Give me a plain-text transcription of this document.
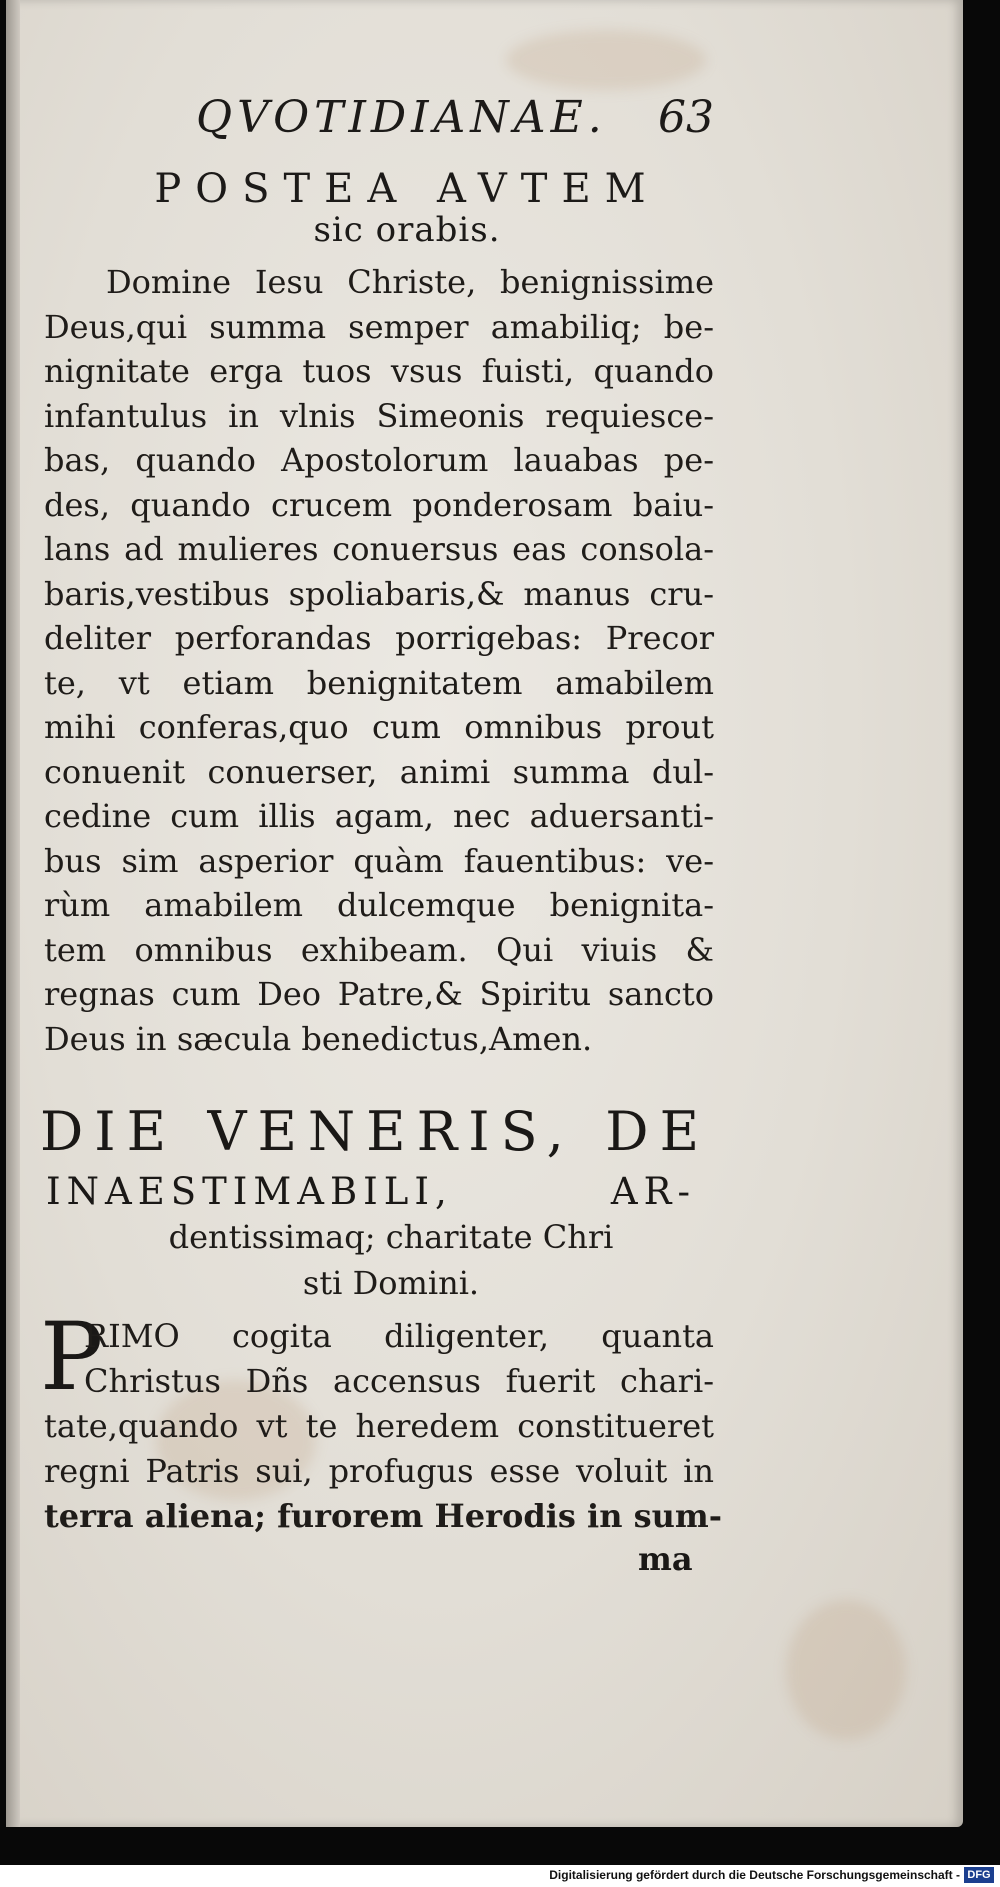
QVOTIDIANAE. 63
POSTEA AVTEM
sic orabis.
Domine Iesu Christe, benignissime
Deus,qui summa semper amabiliq; be-
nignitate erga tuos vsus fuisti, quando
infantulus in vlnis Simeonis requiesce-
bas, quando Apostolorum lauabas pe-
des, quando crucem ponderosam baiu-
lans ad mulieres conuersus eas consola-
baris,vestibus spoliabaris,& manus cru-
deliter perforandas porrigebas: Precor
te, vt etiam benignitatem amabilem
mihi conferas,quo cum omnibus prout
conuenit conuerser, animi summa dul-
cedine cum illis agam, nec aduersanti-
bus sim asperior quàm fauentibus: ve-
rùm amabilem dulcemque benignita-
tem omnibus exhibeam. Qui viuis &
regnas cum Deo Patre,& Spiritu sancto
Deus in sæcula benedictus,Amen.
DIE VENERIS, DE
INAESTIMABILI, AR-
dentissimaq; charitate Chri
sti Domini.
P
RIMO cogita diligenter, quanta
Christus Dñs accensus fuerit chari-
tate,quando vt te heredem constitueret
regni Patris sui, profugus esse voluit in
terra aliena; furorem Herodis in sum-
ma
Digitalisierung gefördert durch die Deutsche Forschungsgemeinschaft - DFG
